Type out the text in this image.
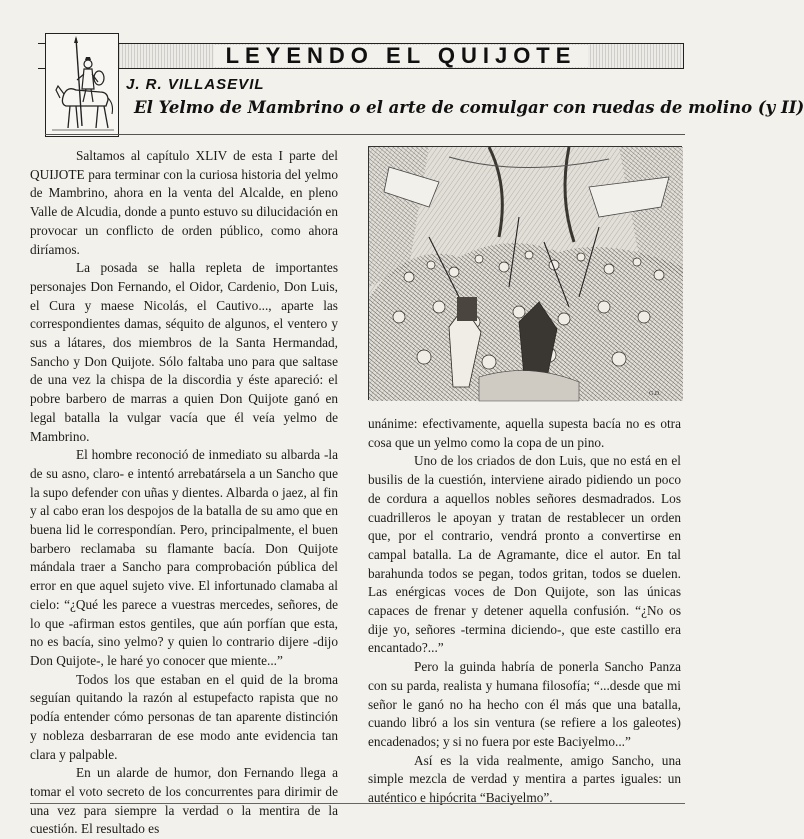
LEYENDO EL QUIJOTE
J. R. VILLASEVIL
El Yelmo de Mambrino o el arte de comulgar con ruedas de molino (y II)

Saltamos al capítulo XLIV de esta I parte del QUIJOTE para terminar con la curiosa historia del yelmo de Mambrino, ahora en la venta del Alcalde, en pleno Valle de Alcudia, donde a punto estuvo su dilucidación en provocar un conflicto de orden público, como ahora diríamos.

La posada se halla repleta de importantes personajes Don Fernando, el Oidor, Cardenio, Don Luis, el Cura y maese Nicolás, el Cautivo..., aparte las correspondientes damas, séquito de algunos, el ventero y sus a látares, dos miembros de la Santa Hermandad, Sancho y Don Quijote. Sólo faltaba uno para que saltase de una vez la chispa de la discordia y éste apareció: el pobre barbero de marras a quien Don Quijote ganó en legal batalla la vulgar vacía que él veía yelmo de Mambrino.

El hombre reconoció de inmediato su albarda -la de su asno, claro- e intentó arrebatársela a un Sancho que la supo defender con uñas y dientes. Albarda o jaez, al fin y al cabo eran los despojos de la batalla de su amo que en buena lid le correspondían. Pero, principalmente, el buen barbero reclamaba su flamante bacía. Don Quijote mándala traer a Sancho para comprobación pública del error en que aquel sujeto vive. El infortunado clamaba al cielo: “¿Qué les parece a vuestras mercedes, señores, de lo que -afirman estos gentiles, que aún porfían que esta, no es bacía, sino yelmo? y quien lo contrario dijere -dijo Don Quijote-, le haré yo conocer que miente...”

Todos los que estaban en el quid de la broma seguían quitando la razón al estupefacto rapista que no podía entender cómo personas de tan aparente distinción y nobleza desbarraran de ese modo ante evidencia tan clara y palpable.

En un alarde de humor, don Fernando llega a tomar el voto secreto de los concurrentes para dirimir de una vez para siempre la verdad o la mentira de la cuestión. El resultado es

G.D.

unánime: efectivamente, aquella supesta bacía no es otra cosa que un yelmo como la copa de un pino.

Uno de los criados de don Luis, que no está en el busilis de la cuestión, interviene airado pidiendo un poco de cordura a aquellos nobles señores desmadrados. Los cuadrilleros le apoyan y tratan de restablecer un orden que, por el contrario, vendrá pronto a convertirse en campal batalla. La de Agramante, dice el autor. En tal barahunda todos se pegan, todos gritan, todos se duelen. Las enérgicas voces de Don Quijote, son las únicas capaces de frenar y detener aquella confusión. “¿No os dije yo, señores -termina diciendo-, que este castillo era encantado?...”

Pero la guinda habría de ponerla Sancho Panza con su parda, realista y humana filosofía; “...desde que mi señor le ganó no ha hecho con él más que una batalla, cuando libró a los sin ventura (se refiere a los galeotes) encadenados; y si no fuera por este Baciyelmo...”

Así es la vida realmente, amigo Sancho, una simple mezcla de verdad y mentira a partes iguales: un auténtico e hipócrita “Baciyelmo”.
